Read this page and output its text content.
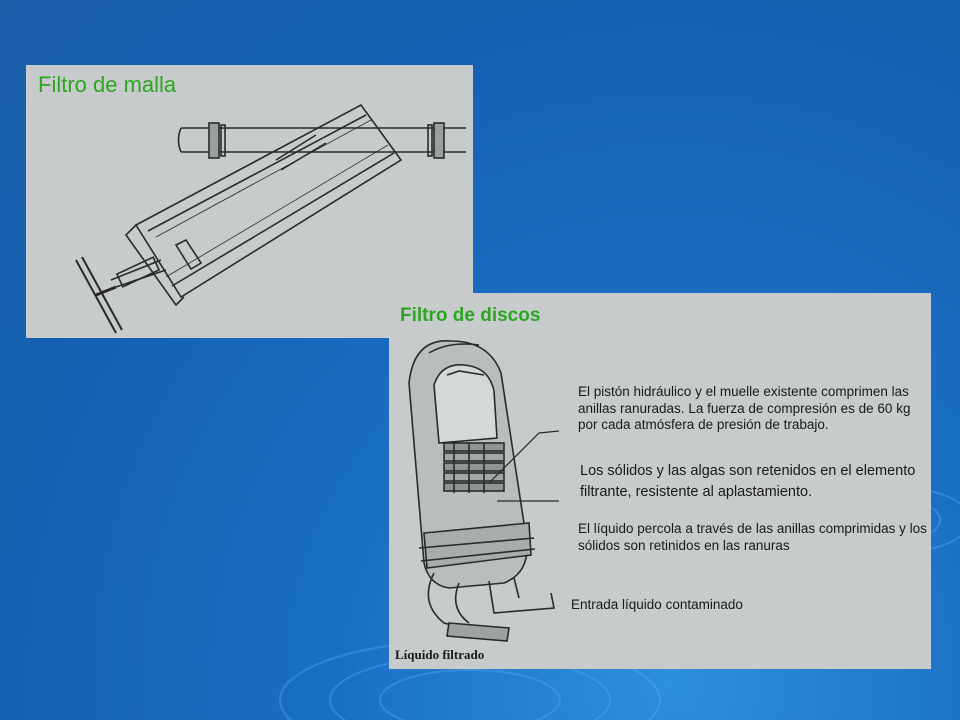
Filtro de malla
Filtro de discos
El pistón hidráulico y el muelle existente comprimen las anillas ranuradas. La fuerza de compresión es de 60 kg por cada atmósfera de presión de trabajo.
Los sólidos y las algas son retenidos en el elemento filtrante, resistente al aplastamiento.
El líquido percola a través de las anillas comprimidas y los sólidos son retinidos en las ranuras
Entrada líquido contaminado
Líquido filtrado
